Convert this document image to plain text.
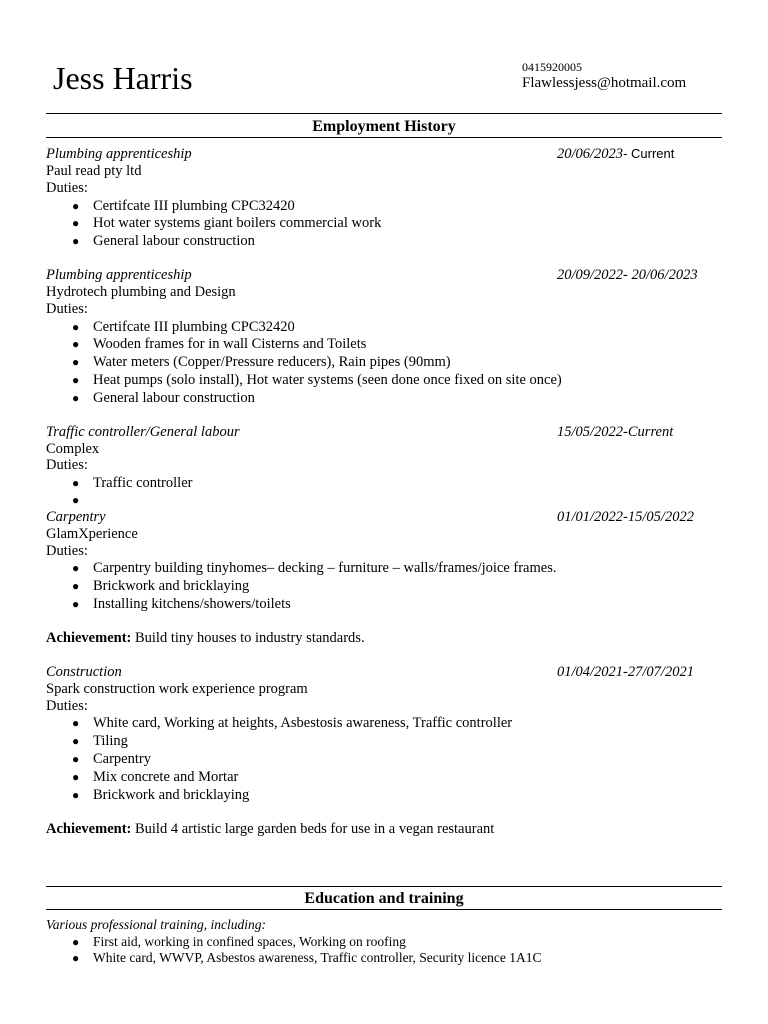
Jess Harris	0415920005
Flawlessjess@hotmail.com
Employment History
Plumbing apprenticeship	20/06/2023- Current
Paul read pty ltd
Duties:
● Certifcate III plumbing CPC32420
● Hot water systems giant boilers commercial work
● General labour construction
Plumbing apprenticeship	20/09/2022- 20/06/2023
Hydrotech plumbing and Design
Duties:
● Certifcate III plumbing CPC32420
● Wooden frames for in wall Cisterns and Toilets
● Water meters (Copper/Pressure reducers), Rain pipes (90mm)
● Heat pumps (solo install), Hot water systems (seen done once fixed on site once)
● General labour construction
Traffic controller/General labour	15/05/2022-Current
Complex
Duties:
● Traffic controller
●
Carpentry	01/01/2022-15/05/2022
GlamXperience
Duties:
● Carpentry building tinyhomes– decking – furniture – walls/frames/joice frames.
● Brickwork and bricklaying
● Installing kitchens/showers/toilets
Achievement: Build tiny houses to industry standards.
Construction	01/04/2021-27/07/2021
Spark construction work experience program
Duties:
● White card, Working at heights, Asbestosis awareness, Traffic controller
● Tiling
● Carpentry
● Mix concrete and Mortar
● Brickwork and bricklaying
Achievement: Build 4 artistic large garden beds for use in a vegan restaurant
Education and training
Various professional training, including:
● First aid, working in confined spaces, Working on roofing
● White card, WWVP, Asbestos awareness, Traffic controller, Security licence 1A1C
